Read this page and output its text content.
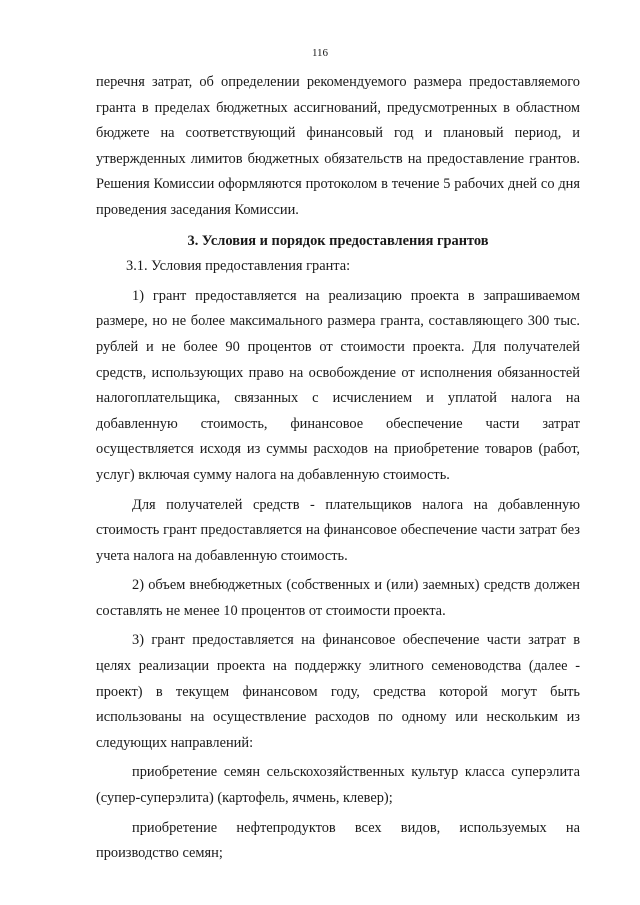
116

перечня затрат, об определении рекомендуемого размера предоставляемого гранта в пределах бюджетных ассигнований, предусмотренных в областном бюджете на соответствующий финансовый год и плановый период, и утвержденных лимитов бюджетных обязательств на предоставление грантов. Решения Комиссии оформляются протоколом в течение 5 рабочих дней со дня проведения заседания Комиссии.

3. Условия и порядок предоставления грантов

3.1. Условия предоставления гранта:

1) грант предоставляется на реализацию проекта в запрашиваемом размере, но не более максимального размера гранта, составляющего 300 тыс. рублей и не более 90 процентов от стоимости проекта. Для получателей средств, использующих право на освобождение от исполнения обязанностей налогоплательщика, связанных с исчислением и уплатой налога на добавленную стоимость, финансовое обеспечение части затрат осуществляется исходя из суммы расходов на приобретение товаров (работ, услуг) включая сумму налога на добавленную стоимость.

Для получателей средств - плательщиков налога на добавленную стоимость грант предоставляется на финансовое обеспечение части затрат без учета налога на добавленную стоимость.

2) объем внебюджетных (собственных и (или) заемных) средств должен составлять не менее 10 процентов от стоимости проекта.

3) грант предоставляется на финансовое обеспечение части затрат в целях реализации проекта на поддержку элитного семеноводства (далее - проект) в текущем финансовом году, средства которой могут быть использованы на осуществление расходов по одному или нескольким из следующих направлений:

приобретение семян сельскохозяйственных культур класса суперэлита (супер-суперэлита) (картофель, ячмень, клевер);

приобретение нефтепродуктов всех видов, используемых на производство семян;
